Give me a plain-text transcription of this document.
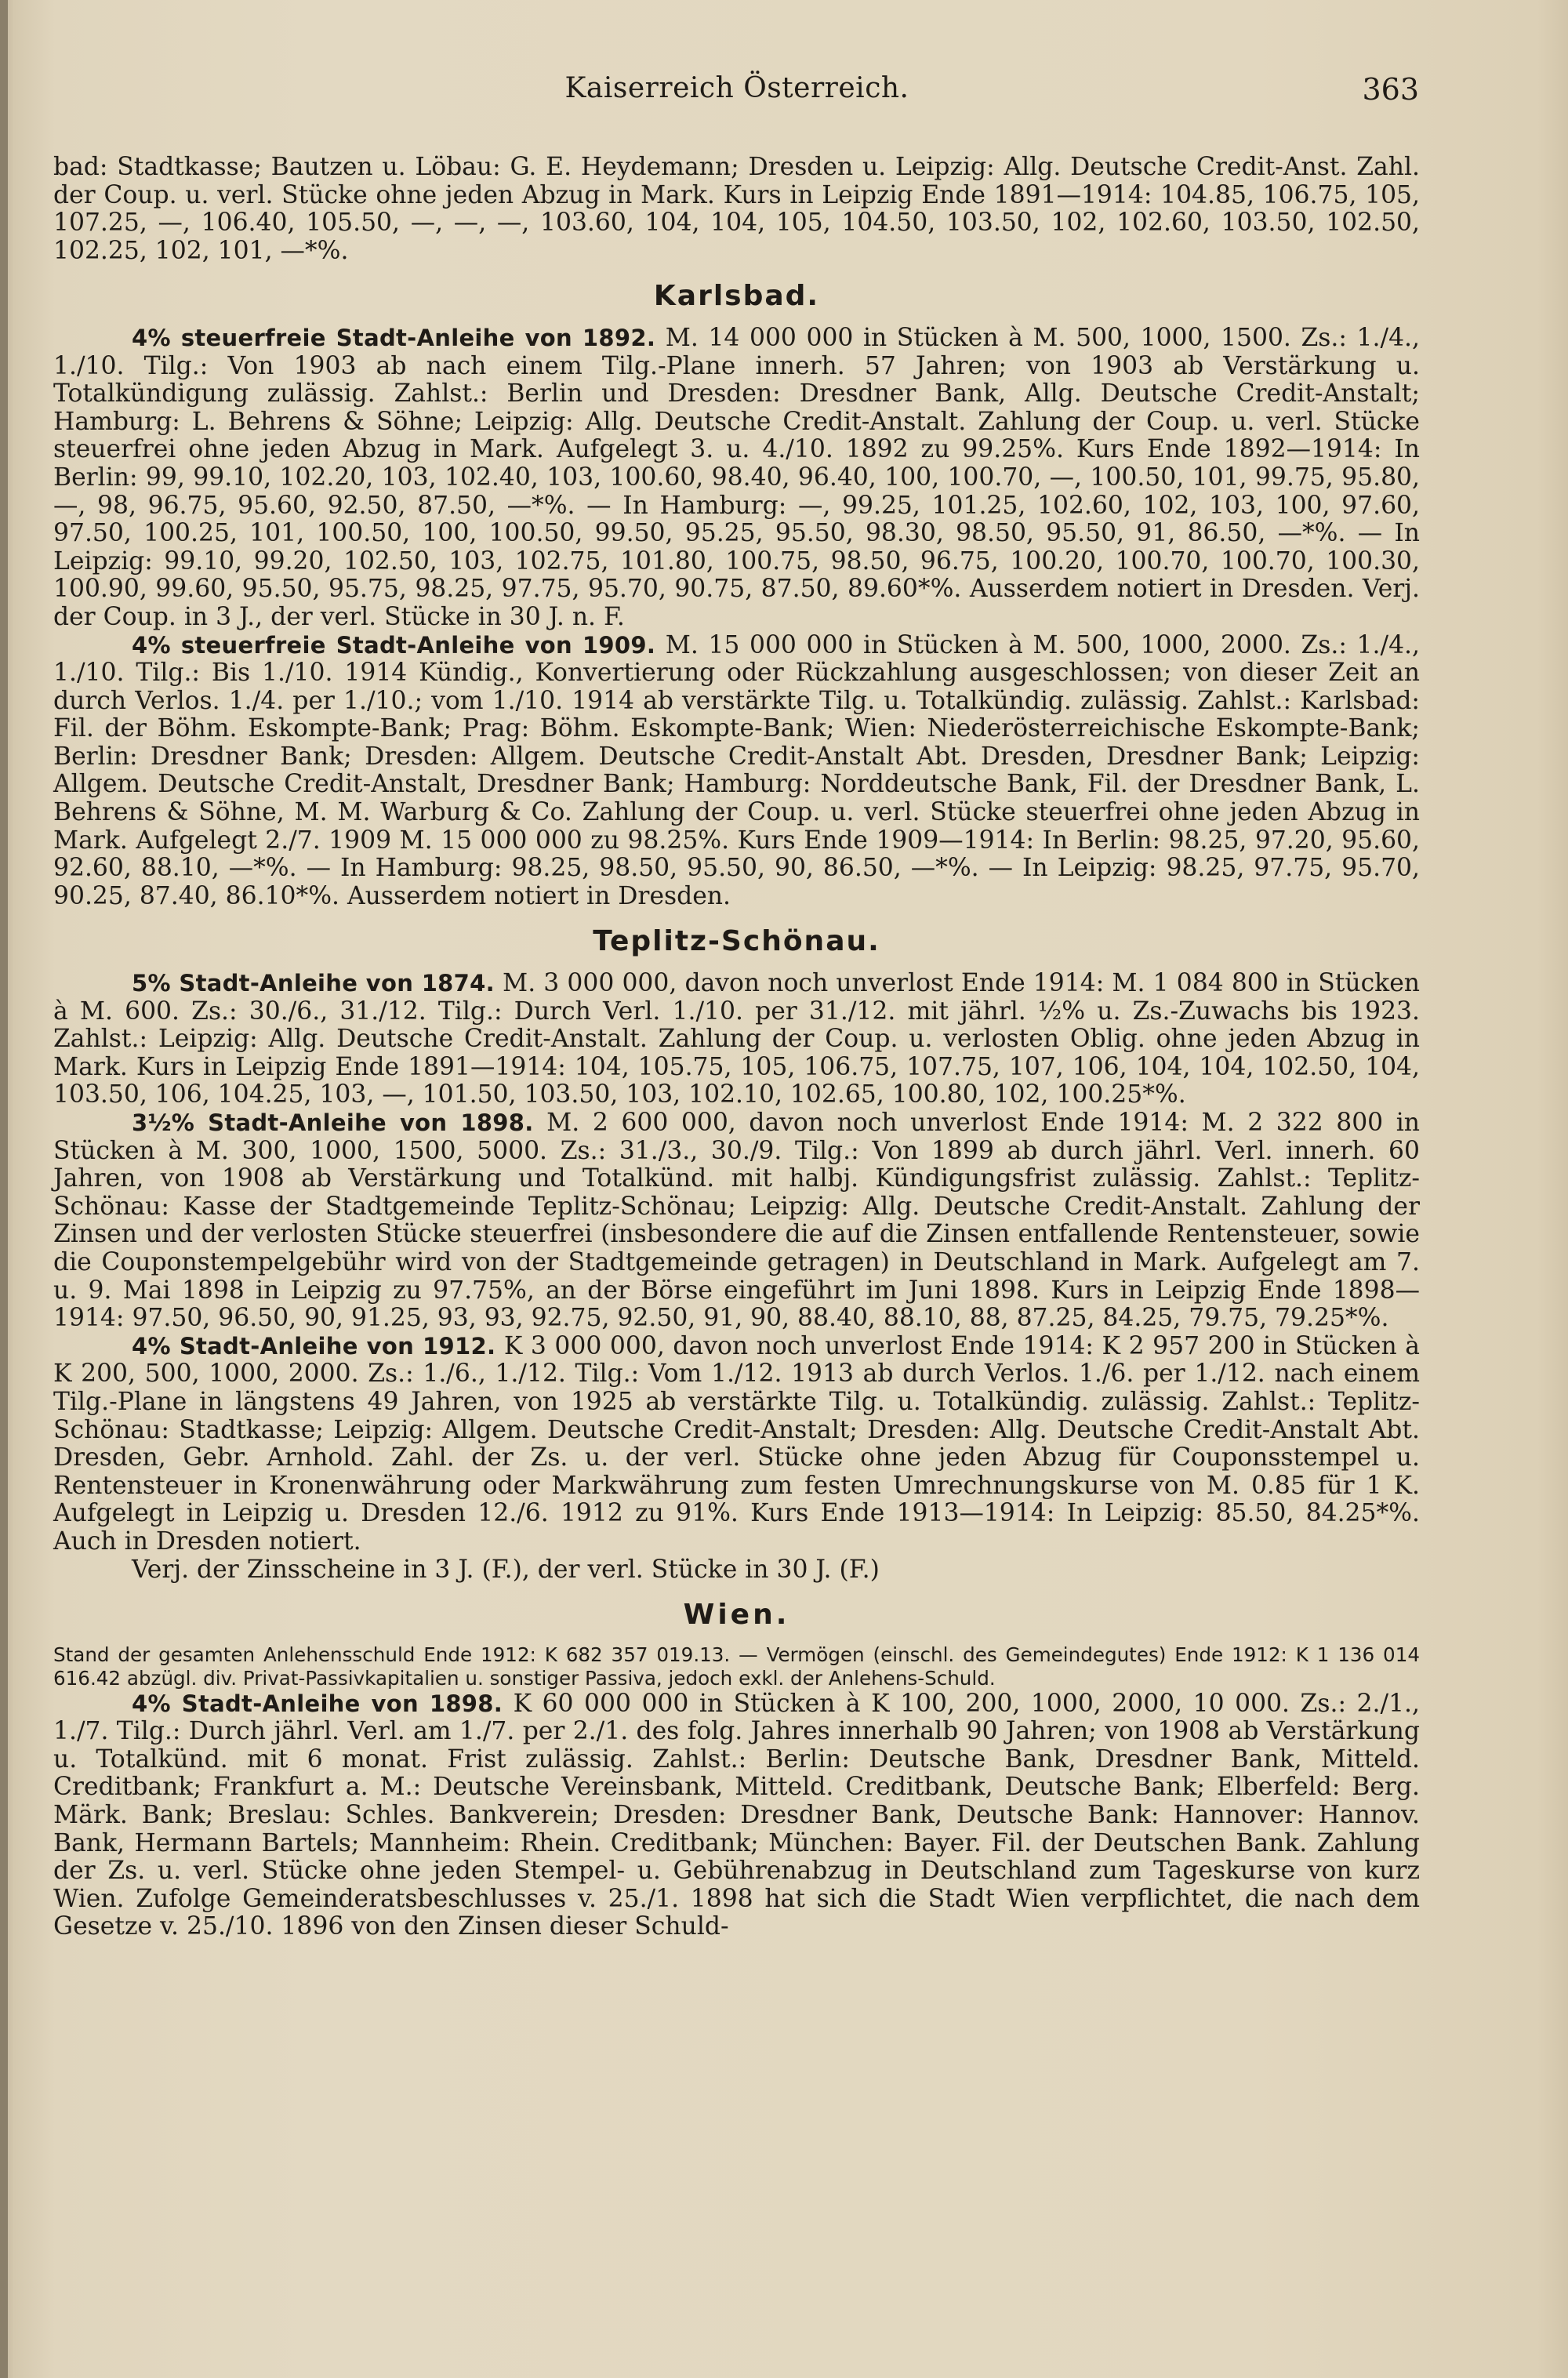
Kaiserreich Österreich.	363

bad: Stadtkasse; Bautzen u. Löbau: G. E. Heydemann; Dresden u. Leipzig: Allg. Deutsche Credit-Anst. Zahl. der Coup. u. verl. Stücke ohne jeden Abzug in Mark. Kurs in Leipzig Ende 1891—1914: 104.85, 106.75, 105, 107.25, —, 106.40, 105.50, —, —, —, 103.60, 104, 104, 105, 104.50, 103.50, 102, 102.60, 103.50, 102.50, 102.25, 102, 101, —*%.

Karlsbad.

4% steuerfreie Stadt-Anleihe von 1892. M. 14 000 000 in Stücken à M. 500, 1000, 1500. Zs.: 1./4., 1./10. Tilg.: Von 1903 ab nach einem Tilg.-Plane innerh. 57 Jahren; von 1903 ab Verstärkung u. Totalkündigung zulässig. Zahlst.: Berlin und Dresden: Dresdner Bank, Allg. Deutsche Credit-Anstalt; Hamburg: L. Behrens & Söhne; Leipzig: Allg. Deutsche Credit-Anstalt. Zahlung der Coup. u. verl. Stücke steuerfrei ohne jeden Abzug in Mark. Aufgelegt 3. u. 4./10. 1892 zu 99.25%. Kurs Ende 1892—1914: In Berlin: 99, 99.10, 102.20, 103, 102.40, 103, 100.60, 98.40, 96.40, 100, 100.70, —, 100.50, 101, 99.75, 95.80, —, 98, 96.75, 95.60, 92.50, 87.50, —*%. — In Hamburg: —, 99.25, 101.25, 102.60, 102, 103, 100, 97.60, 97.50, 100.25, 101, 100.50, 100, 100.50, 99.50, 95.25, 95.50, 98.30, 98.50, 95.50, 91, 86.50, —*%. — In Leipzig: 99.10, 99.20, 102.50, 103, 102.75, 101.80, 100.75, 98.50, 96.75, 100.20, 100.70, 100.70, 100.30, 100.90, 99.60, 95.50, 95.75, 98.25, 97.75, 95.70, 90.75, 87.50, 89.60*%. Ausserdem notiert in Dresden. Verj. der Coup. in 3 J., der verl. Stücke in 30 J. n. F.

4% steuerfreie Stadt-Anleihe von 1909. M. 15 000 000 in Stücken à M. 500, 1000, 2000. Zs.: 1./4., 1./10. Tilg.: Bis 1./10. 1914 Kündig., Konvertierung oder Rückzahlung ausgeschlossen; von dieser Zeit an durch Verlos. 1./4. per 1./10.; vom 1./10. 1914 ab verstärkte Tilg. u. Totalkündig. zulässig. Zahlst.: Karlsbad: Fil. der Böhm. Eskompte-Bank; Prag: Böhm. Eskompte-Bank; Wien: Niederösterreichische Eskompte-Bank; Berlin: Dresdner Bank; Dresden: Allgem. Deutsche Credit-Anstalt Abt. Dresden, Dresdner Bank; Leipzig: Allgem. Deutsche Credit-Anstalt, Dresdner Bank; Hamburg: Norddeutsche Bank, Fil. der Dresdner Bank, L. Behrens & Söhne, M. M. Warburg & Co. Zahlung der Coup. u. verl. Stücke steuerfrei ohne jeden Abzug in Mark. Aufgelegt 2./7. 1909 M. 15 000 000 zu 98.25%. Kurs Ende 1909—1914: In Berlin: 98.25, 97.20, 95.60, 92.60, 88.10, —*%. — In Hamburg: 98.25, 98.50, 95.50, 90, 86.50, —*%. — In Leipzig: 98.25, 97.75, 95.70, 90.25, 87.40, 86.10*%. Ausserdem notiert in Dresden.

Teplitz-Schönau.

5% Stadt-Anleihe von 1874. M. 3 000 000, davon noch unverlost Ende 1914: M. 1 084 800 in Stücken à M. 600. Zs.: 30./6., 31./12. Tilg.: Durch Verl. 1./10. per 31./12. mit jährl. ½% u. Zs.-Zuwachs bis 1923. Zahlst.: Leipzig: Allg. Deutsche Credit-Anstalt. Zahlung der Coup. u. verlosten Oblig. ohne jeden Abzug in Mark. Kurs in Leipzig Ende 1891—1914: 104, 105.75, 105, 106.75, 107.75, 107, 106, 104, 104, 102.50, 104, 103.50, 106, 104.25, 103, —, 101.50, 103.50, 103, 102.10, 102.65, 100.80, 102, 100.25*%.

3½% Stadt-Anleihe von 1898. M. 2 600 000, davon noch unverlost Ende 1914: M. 2 322 800 in Stücken à M. 300, 1000, 1500, 5000. Zs.: 31./3., 30./9. Tilg.: Von 1899 ab durch jährl. Verl. innerh. 60 Jahren, von 1908 ab Verstärkung und Totalkünd. mit halbj. Kündigungsfrist zulässig. Zahlst.: Teplitz-Schönau: Kasse der Stadtgemeinde Teplitz-Schönau; Leipzig: Allg. Deutsche Credit-Anstalt. Zahlung der Zinsen und der verlosten Stücke steuerfrei (insbesondere die auf die Zinsen entfallende Rentensteuer, sowie die Couponstempelgebühr wird von der Stadtgemeinde getragen) in Deutschland in Mark. Aufgelegt am 7. u. 9. Mai 1898 in Leipzig zu 97.75%, an der Börse eingeführt im Juni 1898. Kurs in Leipzig Ende 1898—1914: 97.50, 96.50, 90, 91.25, 93, 93, 92.75, 92.50, 91, 90, 88.40, 88.10, 88, 87.25, 84.25, 79.75, 79.25*%.

4% Stadt-Anleihe von 1912. K 3 000 000, davon noch unverlost Ende 1914: K 2 957 200 in Stücken à K 200, 500, 1000, 2000. Zs.: 1./6., 1./12. Tilg.: Vom 1./12. 1913 ab durch Verlos. 1./6. per 1./12. nach einem Tilg.-Plane in längstens 49 Jahren, von 1925 ab verstärkte Tilg. u. Totalkündig. zulässig. Zahlst.: Teplitz-Schönau: Stadtkasse; Leipzig: Allgem. Deutsche Credit-Anstalt; Dresden: Allg. Deutsche Credit-Anstalt Abt. Dresden, Gebr. Arnhold. Zahl. der Zs. u. der verl. Stücke ohne jeden Abzug für Couponsstempel u. Rentensteuer in Kronenwährung oder Markwährung zum festen Umrechnungskurse von M. 0.85 für 1 K. Aufgelegt in Leipzig u. Dresden 12./6. 1912 zu 91%. Kurs Ende 1913—1914: In Leipzig: 85.50, 84.25*%. Auch in Dresden notiert.

Verj. der Zinsscheine in 3 J. (F.), der verl. Stücke in 30 J. (F.)

Wien.

Stand der gesamten Anlehensschuld Ende 1912: K 682 357 019.13. — Vermögen (einschl. des Gemeindegutes) Ende 1912: K 1 136 014 616.42 abzügl. div. Privat-Passivkapitalien u. sonstiger Passiva, jedoch exkl. der Anlehens-Schuld.

4% Stadt-Anleihe von 1898. K 60 000 000 in Stücken à K 100, 200, 1000, 2000, 10 000. Zs.: 2./1., 1./7. Tilg.: Durch jährl. Verl. am 1./7. per 2./1. des folg. Jahres innerhalb 90 Jahren; von 1908 ab Verstärkung u. Totalkünd. mit 6 monat. Frist zulässig. Zahlst.: Berlin: Deutsche Bank, Dresdner Bank, Mitteld. Creditbank; Frankfurt a. M.: Deutsche Vereinsbank, Mitteld. Creditbank, Deutsche Bank; Elberfeld: Berg. Märk. Bank; Breslau: Schles. Bankverein; Dresden: Dresdner Bank, Deutsche Bank: Hannover: Hannov. Bank, Hermann Bartels; Mannheim: Rhein. Creditbank; München: Bayer. Fil. der Deutschen Bank. Zahlung der Zs. u. verl. Stücke ohne jeden Stempel- u. Gebührenabzug in Deutschland zum Tageskurse von kurz Wien. Zufolge Gemeinderatsbeschlusses v. 25./1. 1898 hat sich die Stadt Wien verpflichtet, die nach dem Gesetze v. 25./10. 1896 von den Zinsen dieser Schuld-
